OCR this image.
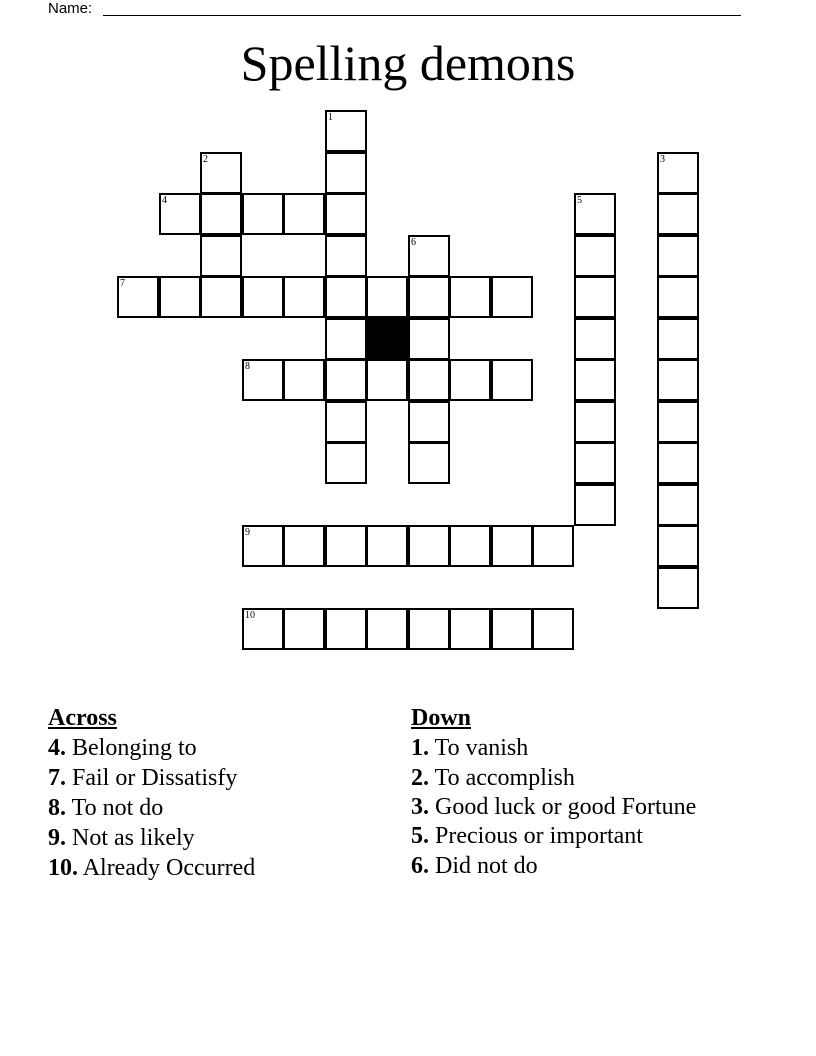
Name:
Spelling demons
1
2	3
4	5
6
7
8
9
10
Across
4. Belonging to
7. Fail or Dissatisfy
8. To not do
9. Not as likely
10. Already Occurred
Down
1. To vanish
2. To accomplish
3. Good luck or good Fortune
5. Precious or important
6. Did not do
